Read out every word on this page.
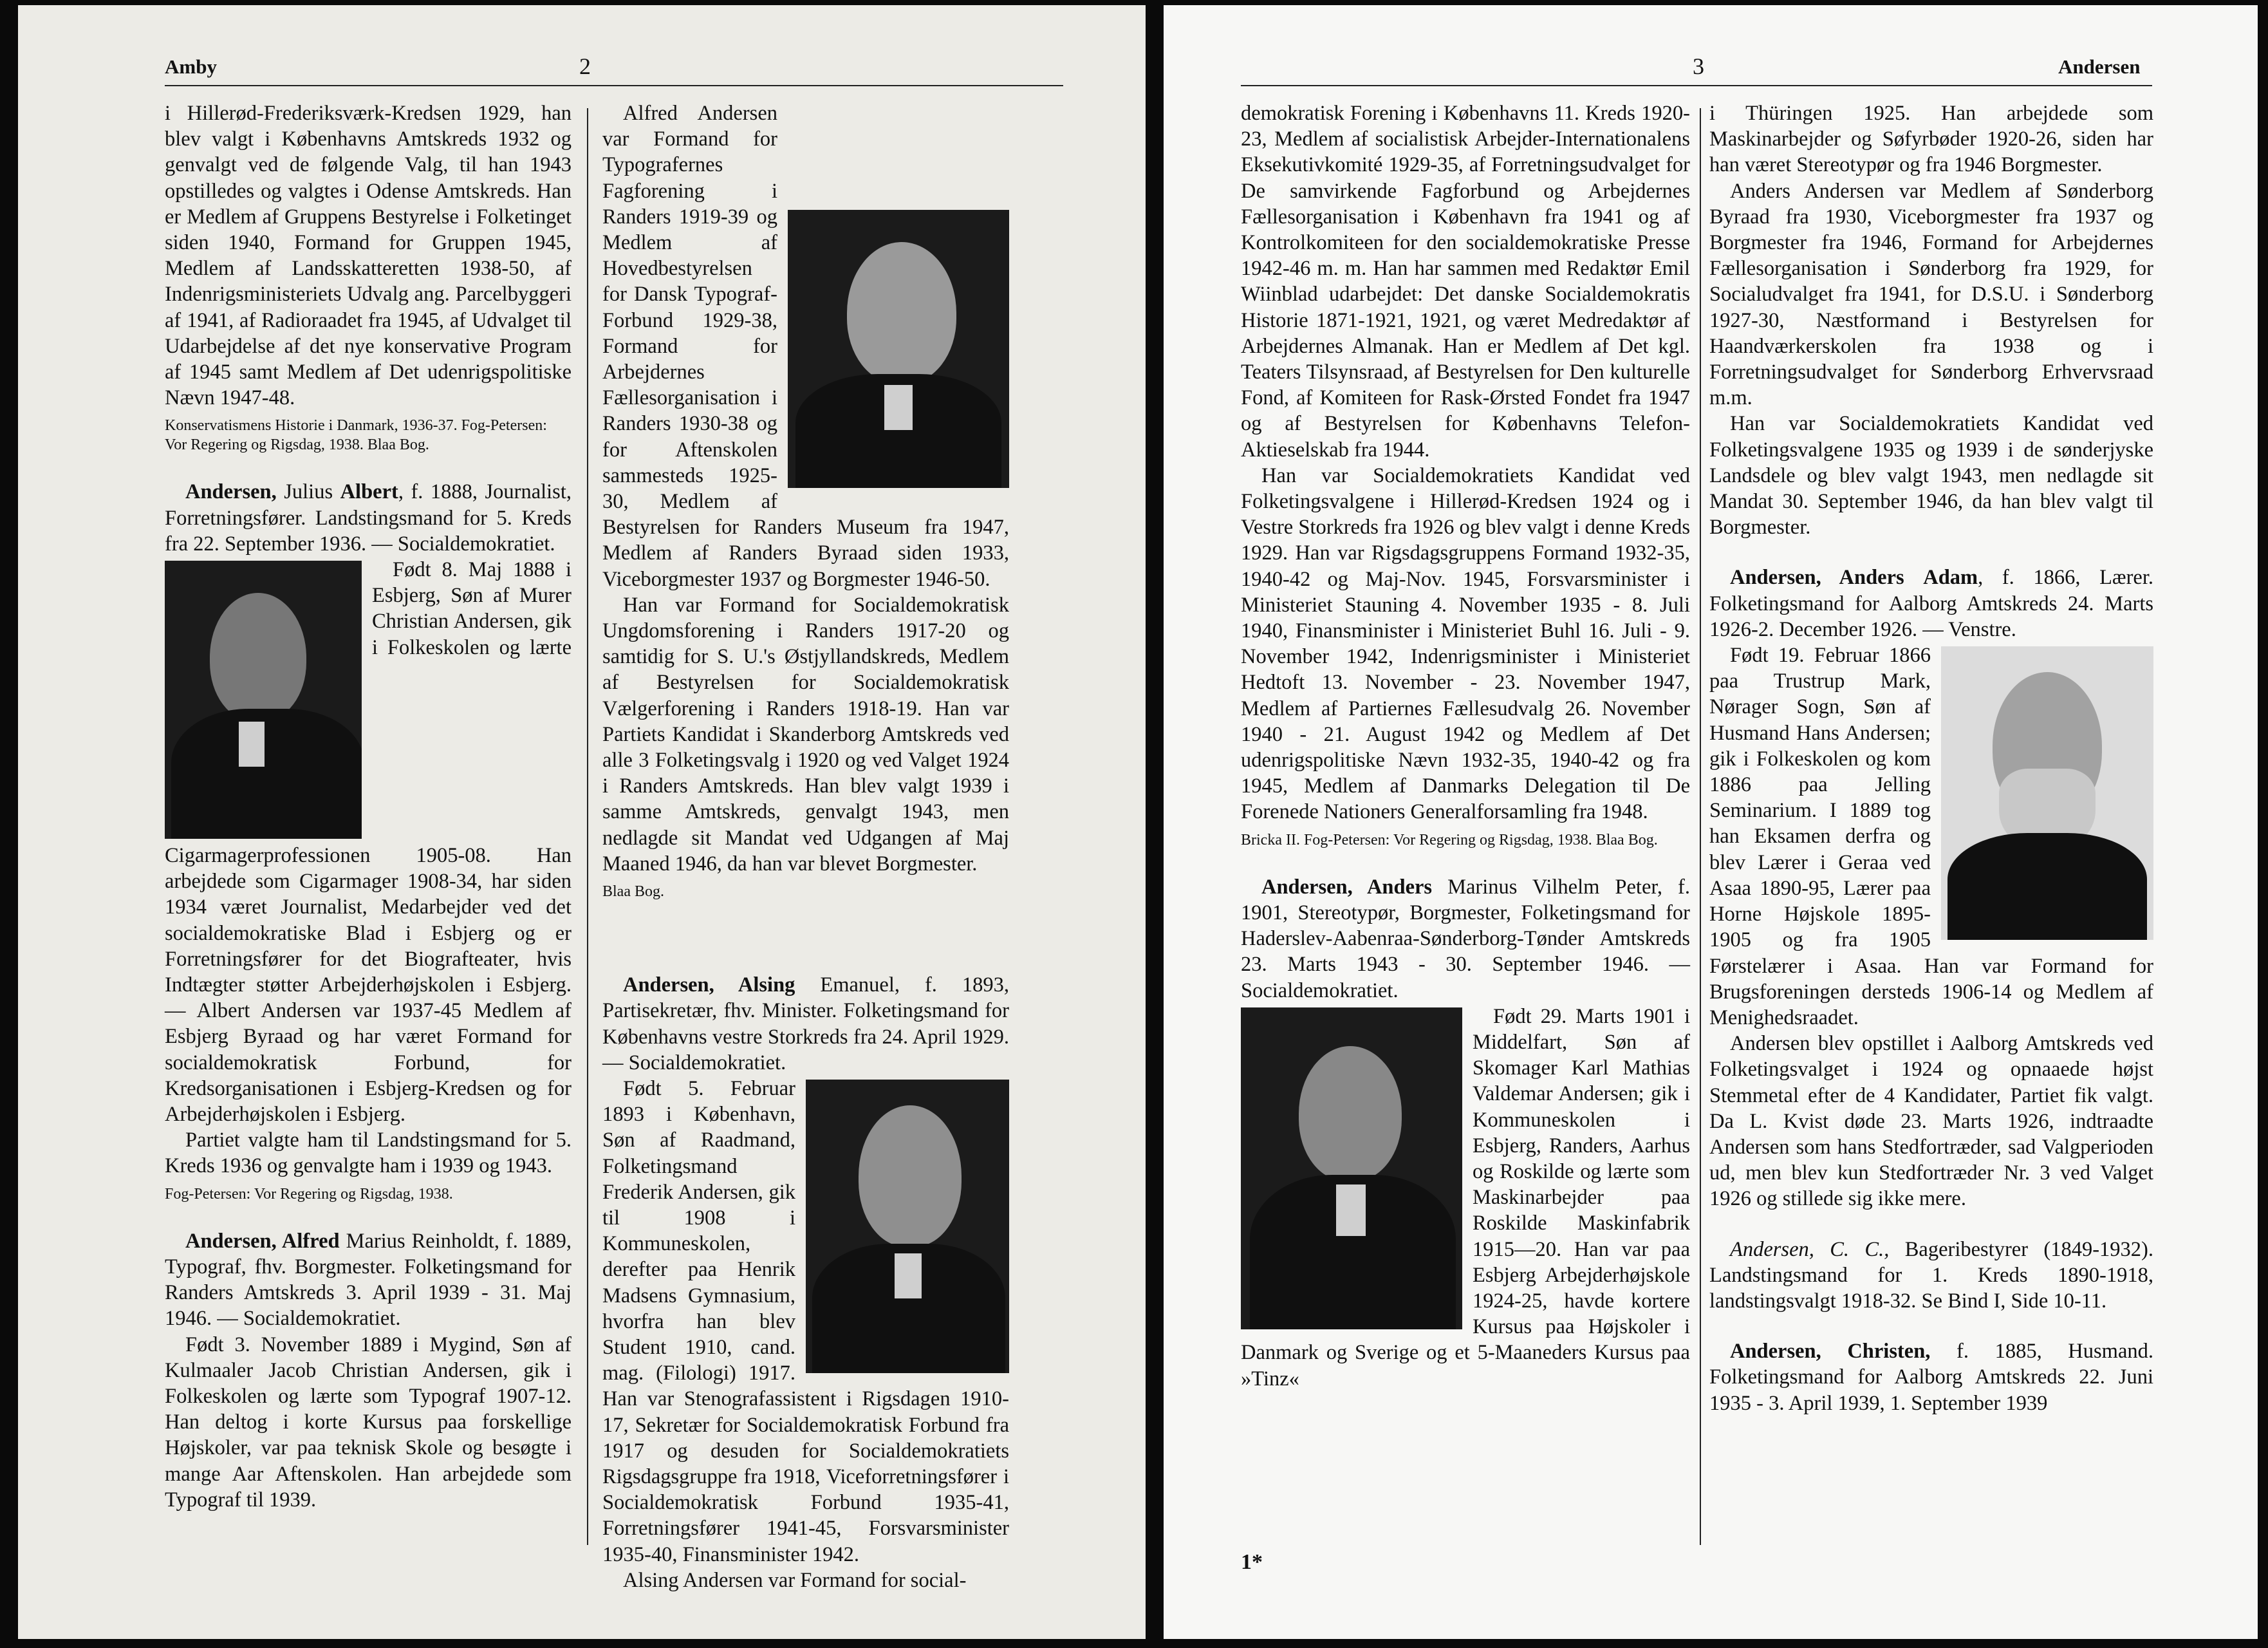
Amby	2

i Hillerød-Frederiksværk-Kredsen 1929, han blev valgt i Københavns Amtskreds 1932 og genvalgt ved de følgende Valg, til han 1943 opstilledes og valgtes i Odense Amtskreds. Han er Medlem af Gruppens Bestyrelse i Folketinget siden 1940, Formand for Gruppen 1945, Medlem af Landsskatteretten 1938-50, af Indenrigsministeriets Udvalg ang. Parcelbyggeri af 1941, af Radioraadet fra 1945, af Udvalget til Udarbejdelse af det nye konservative Program af 1945 samt Medlem af Det udenrigspolitiske Nævn 1947-48.

Konservatismens Historie i Danmark, 1936-37. Fog-Petersen: Vor Regering og Rigsdag, 1938. Blaa Bog.

Andersen, Julius Albert, f. 1888, Journalist, Forretningsfører. Landstingsmand for 5. Kreds fra 22. September 1936. — Socialdemokratiet.

Født 8. Maj 1888 i Esbjerg, Søn af Murer Christian Andersen, gik i Folkeskolen og lærte Cigarmagerprofessionen 1905-08. Han arbejdede som Cigarmager 1908-34, har siden 1934 været Journalist, Medarbejder ved det socialdemokratiske Blad i Esbjerg og er Forretningsfører for det Biografteater, hvis Indtægter støtter Arbejderhøjskolen i Esbjerg. — Albert Andersen var 1937-45 Medlem af Esbjerg Byraad og har været Formand for socialdemokratisk Forbund, for Kredsorganisationen i Esbjerg-Kredsen og for Arbejderhøjskolen i Esbjerg.

Partiet valgte ham til Landstingsmand for 5. Kreds 1936 og genvalgte ham i 1939 og 1943.

Fog-Petersen: Vor Regering og Rigsdag, 1938.

Andersen, Alfred Marius Reinholdt, f. 1889, Typograf, fhv. Borgmester. Folketingsmand for Randers Amtskreds 3. April 1939 - 31. Maj 1946. — Socialdemokratiet.

Født 3. November 1889 i Mygind, Søn af Kulmaaler Jacob Christian Andersen, gik i Folkeskolen og lærte som Typograf 1907-12. Han deltog i korte Kursus paa forskellige Højskoler, var paa teknisk Skole og besøgte i mange Aar Aftenskolen. Han arbejdede som Typograf til 1939.

Alfred Andersen var Formand for Typografernes Fagforening i Randers 1919-39 og Medlem af Hovedbestyrelsen for Dansk Typograf-Forbund 1929-38, Formand for Arbejdernes Fællesorganisation i Randers 1930-38 og for Aftenskolen sammesteds 1925-30, Medlem af Bestyrelsen for Randers Museum fra 1947, Medlem af Randers Byraad siden 1933, Viceborgmester 1937 og Borgmester 1946-50.

Han var Formand for Socialdemokratisk Ungdomsforening i Randers 1917-20 og samtidig for S. U.'s Østjyllandskreds, Medlem af Bestyrelsen for Socialdemokratisk Vælgerforening i Randers 1918-19. Han var Partiets Kandidat i Skanderborg Amtskreds ved alle 3 Folketingsvalg i 1920 og ved Valget 1924 i Randers Amtskreds. Han blev valgt 1939 i samme Amtskreds, genvalgt 1943, men nedlagde sit Mandat ved Udgangen af Maj Maaned 1946, da han var blevet Borgmester.

Blaa Bog.

Andersen, Alsing Emanuel, f. 1893, Partisekretær, fhv. Minister. Folketingsmand for Københavns vestre Storkreds fra 24. April 1929. — Socialdemokratiet.

Født 5. Februar 1893 i København, Søn af Raadmand, Folketingsmand Frederik Andersen, gik til 1908 i Kommuneskolen, derefter paa Henrik Madsens Gymnasium, hvorfra han blev Student 1910, cand. mag. (Filologi) 1917. Han var Stenografassistent i Rigsdagen 1910-17, Sekretær for Socialdemokratisk Forbund fra 1917 og desuden for Socialdemokratiets Rigsdagsgruppe fra 1918, Viceforretningsfører i Socialdemokratisk Forbund 1935-41, Forretningsfører 1941-45, Forsvarsminister 1935-40, Finansminister 1942.

Alsing Andersen var Formand for social-

3	Andersen

demokratisk Forening i Københavns 11. Kreds 1920-23, Medlem af socialistisk Arbejder-Internationalens Eksekutivkomité 1929-35, af Forretningsudvalget for De samvirkende Fagforbund og Arbejdernes Fællesorganisation i København fra 1941 og af Kontrolkomiteen for den socialdemokratiske Presse 1942-46 m. m. Han har sammen med Redaktør Emil Wiinblad udarbejdet: Det danske Socialdemokratis Historie 1871-1921, 1921, og været Medredaktør af Arbejdernes Almanak. Han er Medlem af Det kgl. Teaters Tilsynsraad, af Bestyrelsen for Den kulturelle Fond, af Komiteen for Rask-Ørsted Fondet fra 1947 og af Bestyrelsen for Københavns Telefon-Aktieselskab fra 1944.

Han var Socialdemokratiets Kandidat ved Folketingsvalgene i Hillerød-Kredsen 1924 og i Vestre Storkreds fra 1926 og blev valgt i denne Kreds 1929. Han var Rigsdagsgruppens Formand 1932-35, 1940-42 og Maj-Nov. 1945, Forsvarsminister i Ministeriet Stauning 4. November 1935 - 8. Juli 1940, Finansminister i Ministeriet Buhl 16. Juli - 9. November 1942, Indenrigsminister i Ministeriet Hedtoft 13. November - 23. November 1947, Medlem af Partiernes Fællesudvalg 26. November 1940 - 21. August 1942 og Medlem af Det udenrigspolitiske Nævn 1932-35, 1940-42 og fra 1945, Medlem af Danmarks Delegation til De Forenede Nationers Generalforsamling fra 1948.

Bricka II. Fog-Petersen: Vor Regering og Rigsdag, 1938. Blaa Bog.

Andersen, Anders Marinus Vilhelm Peter, f. 1901, Stereotypør, Borgmester, Folketingsmand for Haderslev-Aabenraa-Sønderborg-Tønder Amtskreds 23. Marts 1943 - 30. September 1946. — Socialdemokratiet.

Født 29. Marts 1901 i Middelfart, Søn af Skomager Karl Mathias Valdemar Andersen; gik i Kommuneskolen i Esbjerg, Randers, Aarhus og Roskilde og lærte som Maskinarbejder paa Roskilde Maskinfabrik 1915—20. Han var paa Esbjerg Arbejderhøjskole 1924-25, havde kortere Kursus paa Højskoler i Danmark og Sverige og et 5-Maaneders Kursus paa »Tinz«

i Thüringen 1925. Han arbejdede som Maskinarbejder og Søfyrbøder 1920-26, siden har han været Stereotypør og fra 1946 Borgmester.

Anders Andersen var Medlem af Sønderborg Byraad fra 1930, Viceborgmester fra 1937 og Borgmester fra 1946, Formand for Arbejdernes Fællesorganisation i Sønderborg fra 1929, for Socialudvalget fra 1941, for D.S.U. i Sønderborg 1927-30, Næstformand i Bestyrelsen for Haandværkerskolen fra 1938 og i Forretningsudvalget for Sønderborg Erhvervsraad m.m.

Han var Socialdemokratiets Kandidat ved Folketingsvalgene 1935 og 1939 i de sønderjyske Landsdele og blev valgt 1943, men nedlagde sit Mandat 30. September 1946, da han blev valgt til Borgmester.

Andersen, Anders Adam, f. 1866, Lærer. Folketingsmand for Aalborg Amtskreds 24. Marts 1926-2. December 1926. — Venstre.

Født 19. Februar 1866 paa Trustrup Mark, Nørager Sogn, Søn af Husmand Hans Andersen; gik i Folkeskolen og kom 1886 paa Jelling Seminarium. I 1889 tog han Eksamen derfra og blev Lærer i Geraa ved Asaa 1890-95, Lærer paa Horne Højskole 1895-1905 og fra 1905 Førstelærer i Asaa. Han var Formand for Brugsforeningen dersteds 1906-14 og Medlem af Menighedsraadet.

Andersen blev opstillet i Aalborg Amtskreds ved Folketingsvalget i 1924 og opnaaede højst Stemmetal efter de 4 Kandidater, Partiet fik valgt. Da L. Kvist døde 23. Marts 1926, indtraadte Andersen som hans Stedfortræder, sad Valgperioden ud, men blev kun Stedfortræder Nr. 3 ved Valget 1926 og stillede sig ikke mere.

Andersen, C. C., Bageribestyrer (1849-1932). Landstingsmand for 1. Kreds 1890-1918, landstingsvalgt 1918-32. Se Bind I, Side 10-11.

Andersen, Christen, f. 1885, Husmand. Folketingsmand for Aalborg Amtskreds 22. Juni 1935 - 3. April 1939, 1. September 1939

1*
